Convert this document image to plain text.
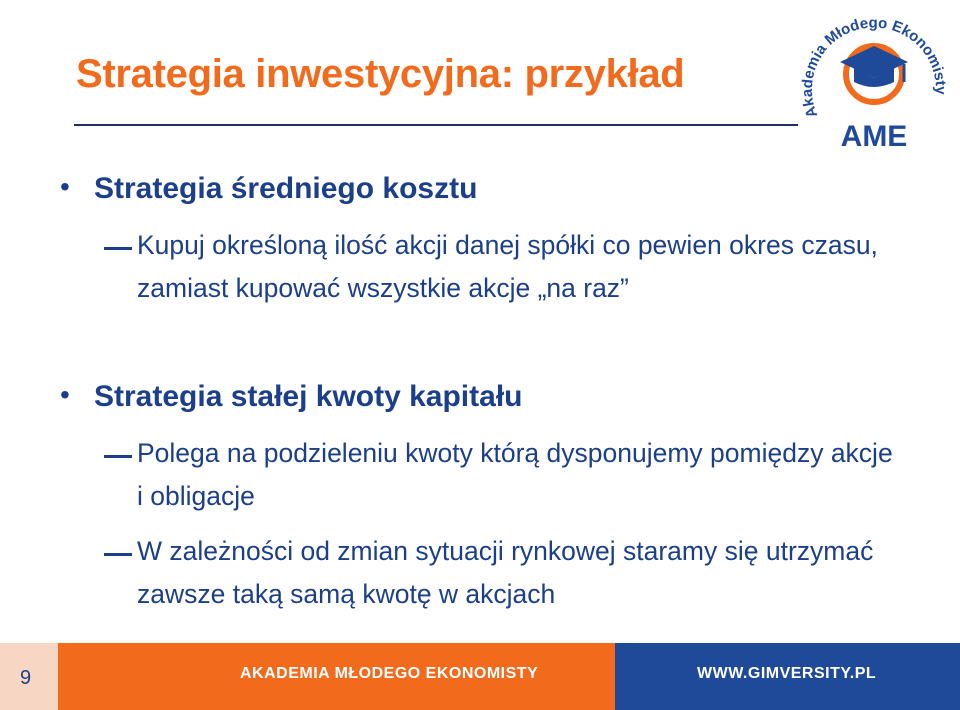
Strategia inwestycyjna: przykład
Akademia Młodego Ekonomisty
AME
• Strategia średniego kosztu
Kupuj określoną ilość akcji danej spółki co pewien okres czasu, zamiast kupować wszystkie akcje „na raz”
• Strategia stałej kwoty kapitału
Polega na podzieleniu kwoty którą dysponujemy pomiędzy akcje i obligacje
W zależności od zmian sytuacji rynkowej staramy się utrzymać zawsze taką samą kwotę w akcjach
9	AKADEMIA MŁODEGO EKONOMISTY	WWW.GIMVERSITY.PL
